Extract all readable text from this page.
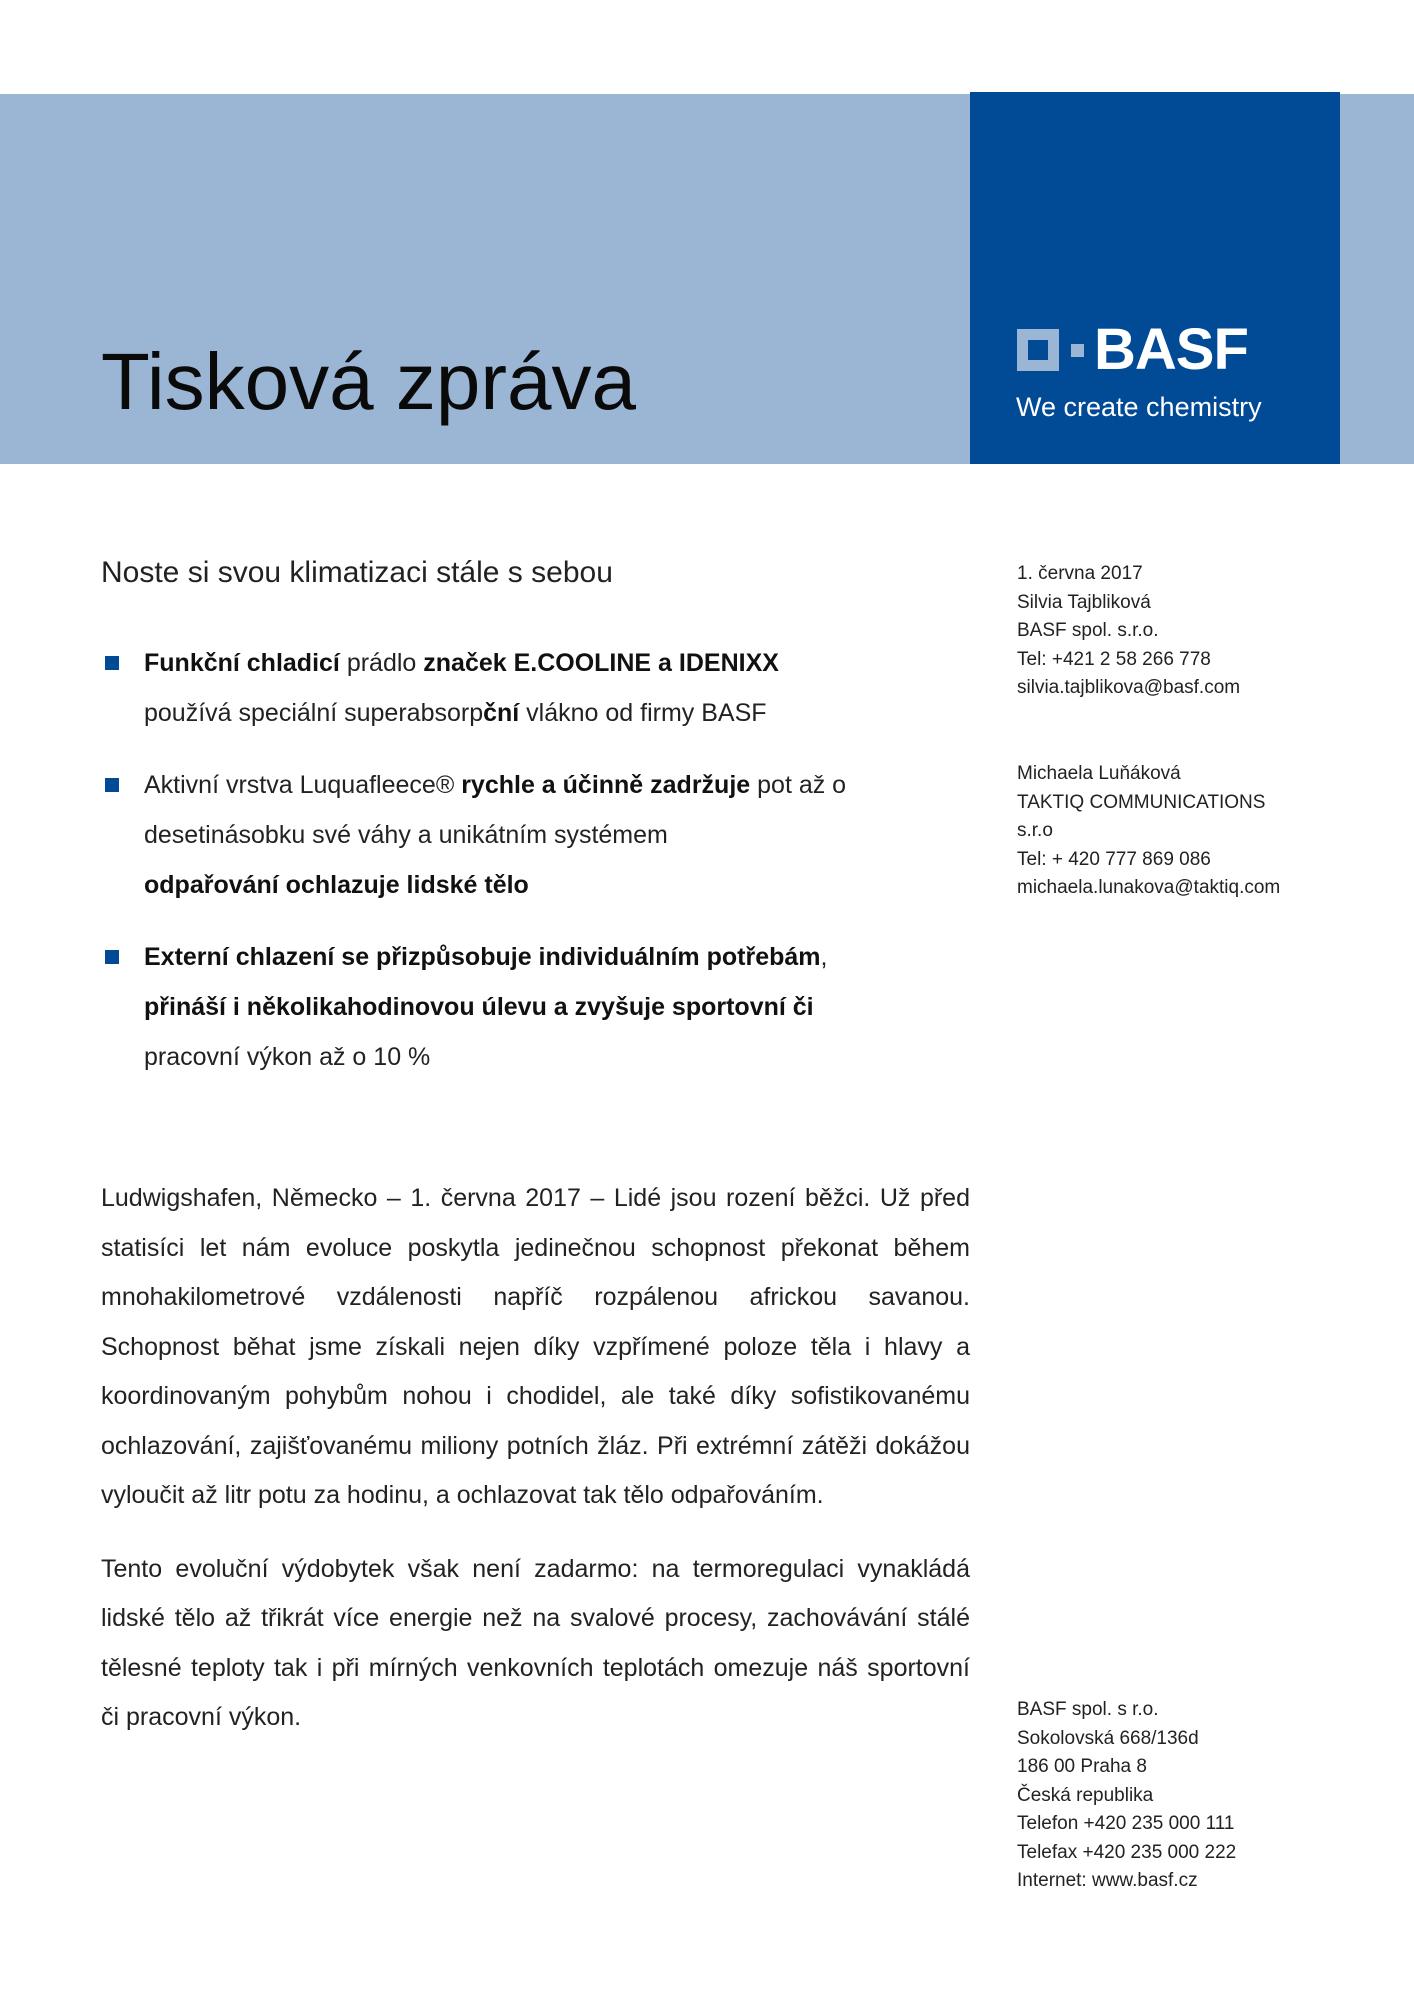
Tisková zpráva	BASF
We create chemistry
Noste si svou klimatizaci stále s sebou
Funkční chladicí prádlo značek E.COOLINE a IDENIXX
používá speciální superabsorpční vlákno od firmy BASF
Aktivní vrstva Luquafleece® rychle a účinně zadržuje pot až o desetinásobku své váhy a unikátním systémem
odpařování ochlazuje lidské tělo
Externí chlazení se přizpůsobuje individuálním potřebám,
přináší i několikahodinovou úlevu a zvyšuje sportovní či
pracovní výkon až o 10 %

Ludwigshafen, Německo – 1. června 2017 – Lidé jsou rození běžci. Už před statisíci let nám evoluce poskytla jedinečnou schopnost překonat během mnohakilometrové vzdálenosti napříč rozpálenou africkou savanou. Schopnost běhat jsme získali nejen díky vzpřímené poloze těla i hlavy a koordinovaným pohybům nohou i chodidel, ale také díky sofistikovanému ochlazování, zajišťovanému miliony potních žláz. Při extrémní zátěži dokážou vyloučit až litr potu za hodinu, a ochlazovat tak tělo odpařováním.

Tento evoluční výdobytek však není zadarmo: na termoregulaci vynakládá lidské tělo až třikrát více energie než na svalové procesy, zachovávání stálé tělesné teploty tak i při mírných venkovních teplotách omezuje náš sportovní či pracovní výkon.

1. června 2017
Silvia Tajbliková
BASF spol. s.r.o.
Tel: +421 2 58 266 778
silvia.tajblikova@basf.com
Michaela Luňáková
TAKTIQ COMMUNICATIONS
s.r.o
Tel: + 420 777 869 086
michaela.lunakova@taktiq.com
BASF spol. s r.o.
Sokolovská 668/136d
186 00 Praha 8
Česká republika
Telefon +420 235 000 111
Telefax +420 235 000 222
Internet: www.basf.cz
